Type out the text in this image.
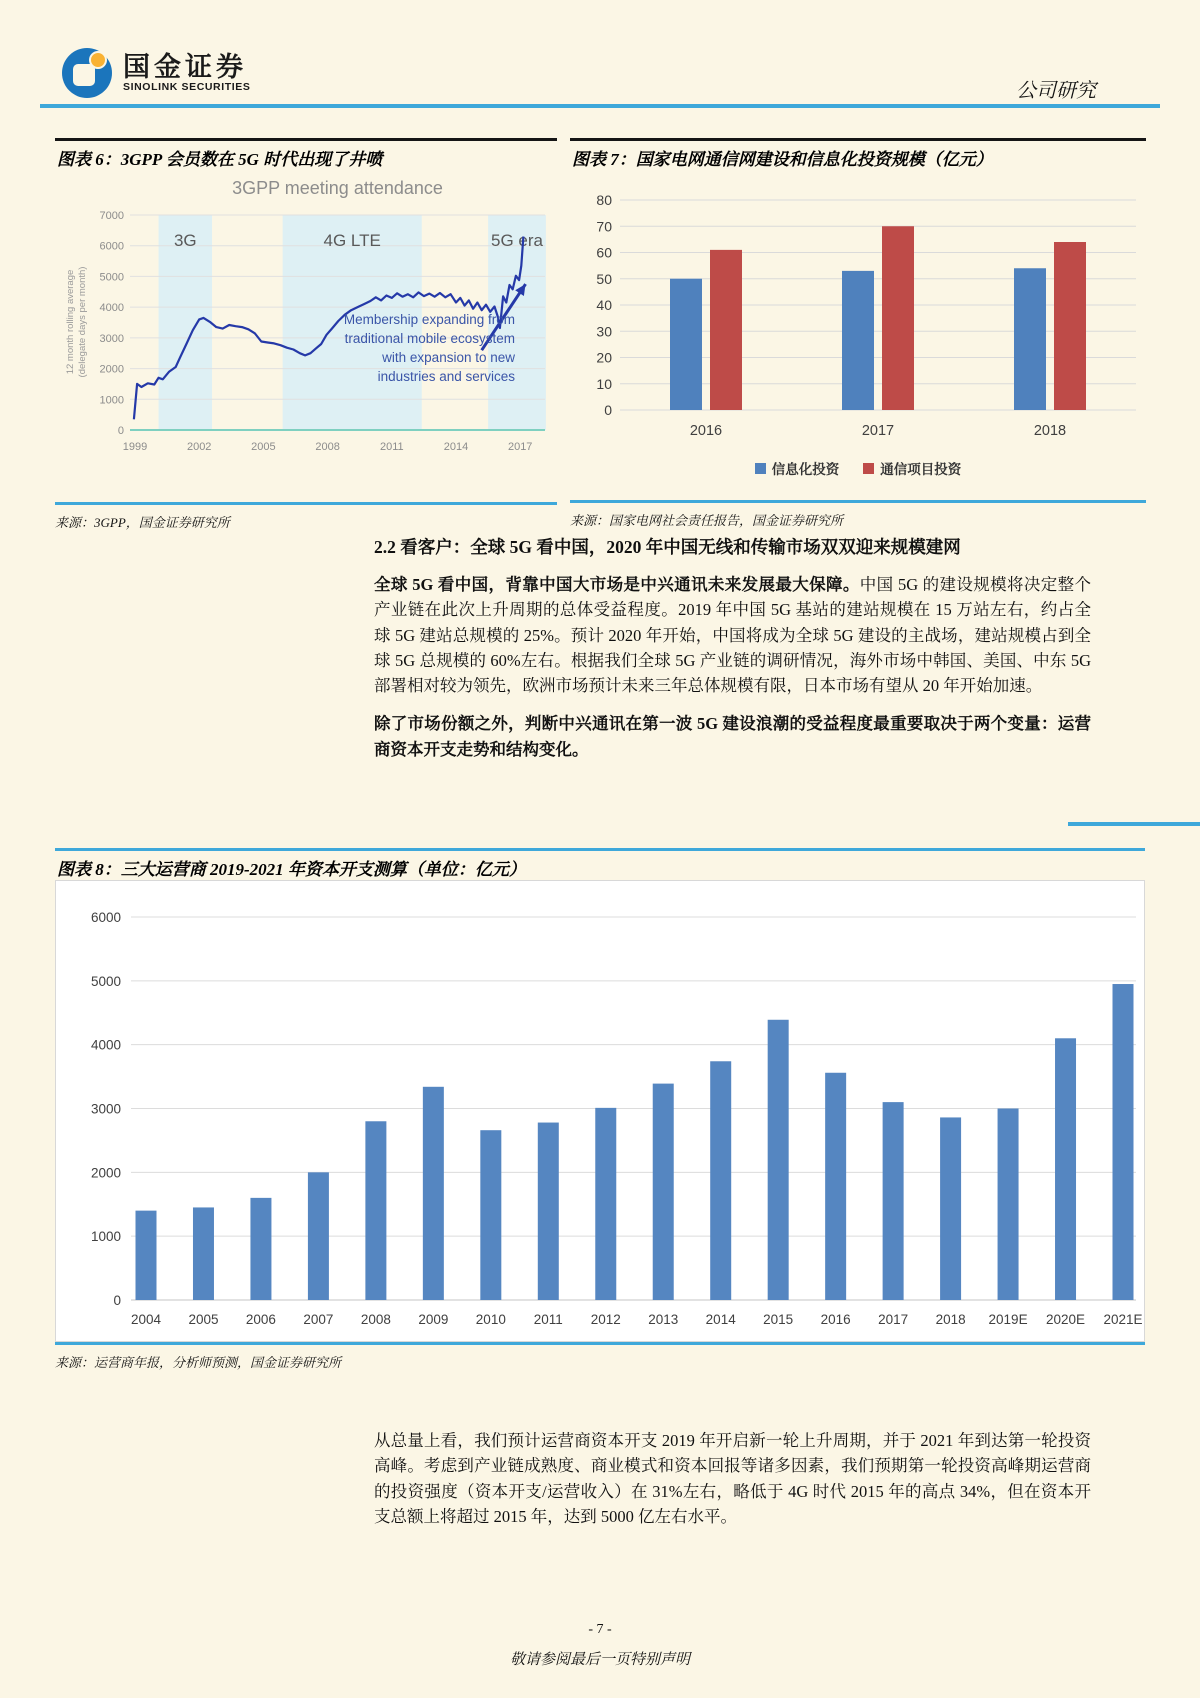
国金证券
SINOLINK SECURITIES	公司研究
图表 6：3GPP 会员数在 5G 时代出现了井喷
Membership expanding from traditional mobile ecosystem with expansion to new industries and services
0
1000
2000
3000
4000
5000
6000
7000
1999	2002	2005	2008	2011	2014	2017
3G	4G LTE	5G era
3GPP meeting attendance
12 month rolling average (delegate days per month)
来源：3GPP，国金证券研究所
图表 7：国家电网通信网建设和信息化投资规模（亿元）
信息化投资	通信项目投资
0
10
20
30
40
50
60
70
80
2016	2017	2018
来源：国家电网社会责任报告，国金证券研究所
2.2 看客户：全球 5G 看中国，2020 年中国无线和传输市场双双迎来规模建网

全球 5G 看中国，背靠中国大市场是中兴通讯未来发展最大保障。中国 5G 的建设规模将决定整个产业链在此次上升周期的总体受益程度。2019 年中国 5G 基站的建站规模在 15 万站左右，约占全球 5G 建站总规模的 25%。预计 2020 年开始，中国将成为全球 5G 建设的主战场，建站规模占到全球 5G 总规模的 60%左右。根据我们全球 5G 产业链的调研情况，海外市场中韩国、美国、中东 5G 部署相对较为领先，欧洲市场预计未来三年总体规模有限，日本市场有望从 20 年开始加速。

除了市场份额之外，判断中兴通讯在第一波 5G 建设浪潮的受益程度最重要取决于两个变量：运营商资本开支走势和结构变化。

图表 8：三大运营商 2019-2021 年资本开支测算（单位：亿元）
0
1000
2000
3000
4000
5000
6000
2004 2005 2006 2007 2008 2009 2010 2011 2012 2013 2014 2015 2016 2017 2018 2019E 2020E 2021E
来源：运营商年报，分析师预测，国金证券研究所
从总量上看，我们预计运营商资本开支 2019 年开启新一轮上升周期，并于 2021 年到达第一轮投资高峰。考虑到产业链成熟度、商业模式和资本回报等诸多因素，我们预期第一轮投资高峰期运营商的投资强度（资本开支/运营收入）在 31%左右，略低于 4G 时代 2015 年的高点 34%，但在资本开支总额上将超过 2015 年，达到 5000 亿左右水平。
- 7 -
敬请参阅最后一页特别声明
